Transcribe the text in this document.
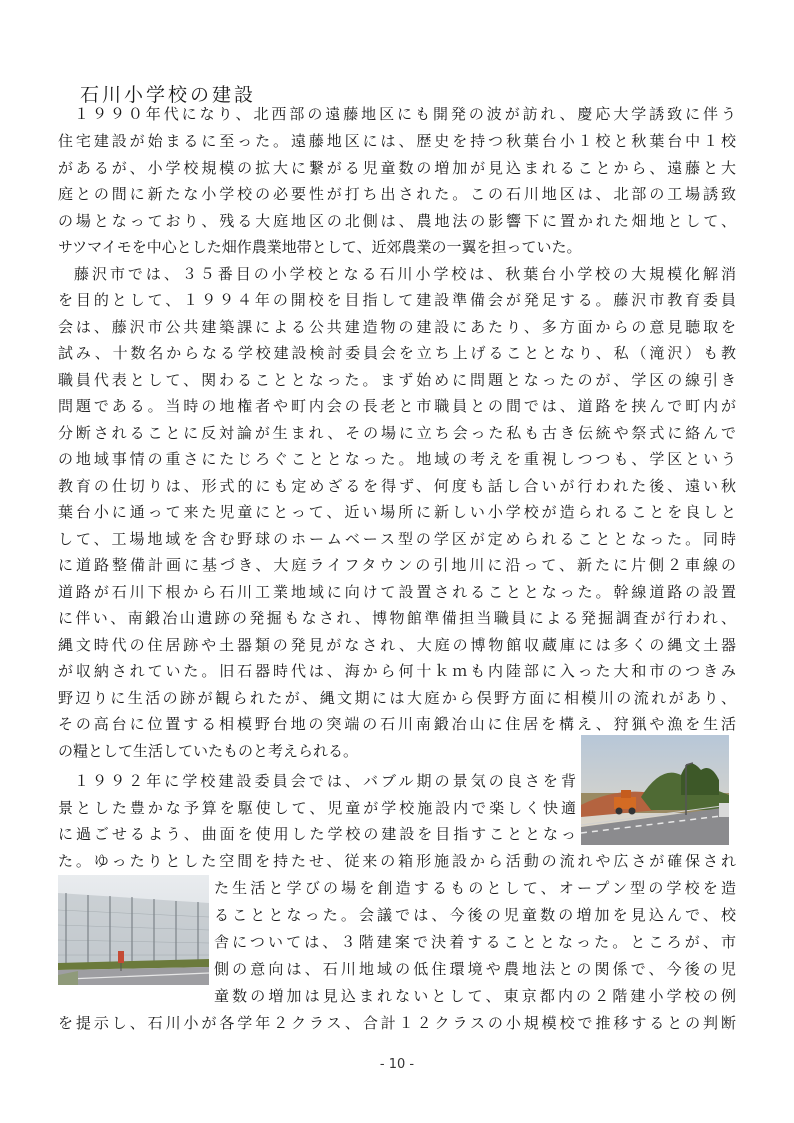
石川小学校の建設
１９９０年代になり、北西部の遠藤地区にも開発の波が訪れ、慶応大学誘致に伴う
住宅建設が始まるに至った。遠藤地区には、歴史を持つ秋葉台小１校と秋葉台中１校
があるが、小学校規模の拡大に繋がる児童数の増加が見込まれることから、遠藤と大
庭との間に新たな小学校の必要性が打ち出された。この石川地区は、北部の工場誘致
の場となっており、残る大庭地区の北側は、農地法の影響下に置かれた畑地として、
サツマイモを中心とした畑作農業地帯として、近郊農業の一翼を担っていた。
藤沢市では、３５番目の小学校となる石川小学校は、秋葉台小学校の大規模化解消
を目的として、１９９４年の開校を目指して建設準備会が発足する。藤沢市教育委員
会は、藤沢市公共建築課による公共建造物の建設にあたり、多方面からの意見聴取を
試み、十数名からなる学校建設検討委員会を立ち上げることとなり、私（滝沢）も教
職員代表として、関わることとなった。まず始めに問題となったのが、学区の線引き
問題である。当時の地権者や町内会の長老と市職員との間では、道路を挟んで町内が
分断されることに反対論が生まれ、その場に立ち会った私も古き伝統や祭式に絡んで
の地域事情の重さにたじろぐこととなった。地域の考えを重視しつつも、学区という
教育の仕切りは、形式的にも定めざるを得ず、何度も話し合いが行われた後、遠い秋
葉台小に通って来た児童にとって、近い場所に新しい小学校が造られることを良しと
して、工場地域を含む野球のホームベース型の学区が定められることとなった。同時
に道路整備計画に基づき、大庭ライフタウンの引地川に沿って、新たに片側２車線の
道路が石川下根から石川工業地域に向けて設置されることとなった。幹線道路の設置
に伴い、南鍛冶山遺跡の発掘もなされ、博物館準備担当職員による発掘調査が行われ、
縄文時代の住居跡や土器類の発見がなされ、大庭の博物館収蔵庫には多くの縄文土器
が収納されていた。旧石器時代は、海から何十ｋｍも内陸部に入った大和市のつきみ
野辺りに生活の跡が観られたが、縄文期には大庭から俣野方面に相模川の流れがあり、
その高台に位置する相模野台地の突端の石川南鍛冶山に住居を構え、狩猟や漁を生活
の糧として生活していたものと考えられる。
１９９２年に学校建設委員会では、バブル期の景気の良さを背
景とした豊かな予算を駆使して、児童が学校施設内で楽しく快適
に過ごせるよう、曲面を使用した学校の建設を目指すこととなっ
た。ゆったりとした空間を持たせ、従来の箱形施設から活動の流れや広さが確保され
た生活と学びの場を創造するものとして、オープン型の学校を造
ることとなった。会議では、今後の児童数の増加を見込んで、校
舎については、３階建案で決着することとなった。ところが、市
側の意向は、石川地域の低住環境や農地法との関係で、今後の児
童数の増加は見込まれないとして、東京都内の２階建小学校の例
を提示し、石川小が各学年２クラス、合計１２クラスの小規模校で推移するとの判断
- 10 -
